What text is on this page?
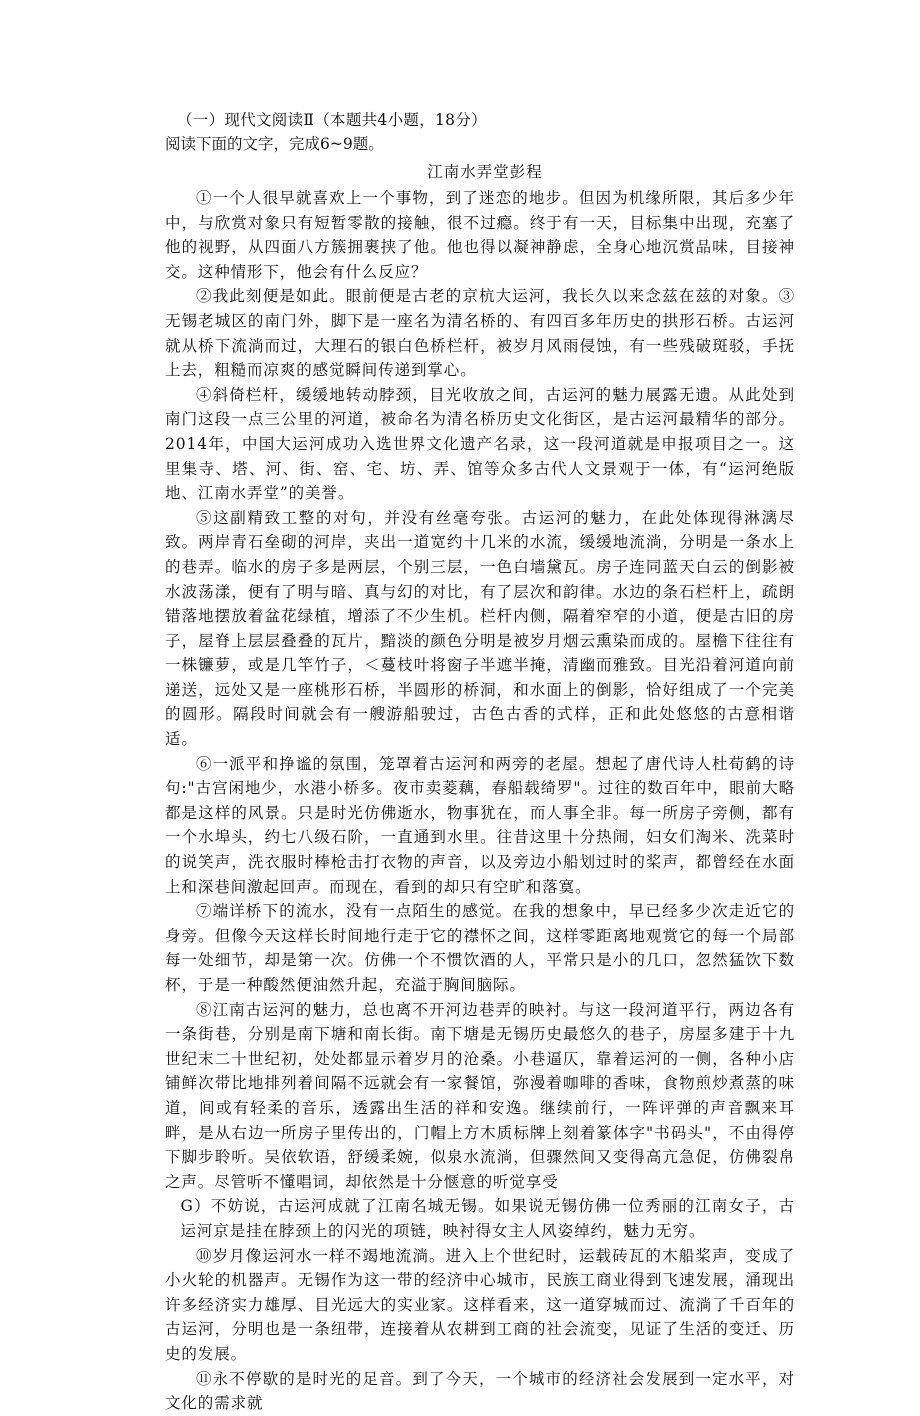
（一）现代文阅读Ⅱ（本题共4小题，18分）

阅读下面的文字，完成6~9题。

江南水弄堂彭程

①一个人很早就喜欢上一个事物，到了迷恋的地步。但因为机缘所限，其后多少年中，与欣赏对象只有短暂零散的接触，很不过瘾。终于有一天，目标集中出现，充塞了他的视野，从四面八方簇拥裹挟了他。他也得以凝神静虑，全身心地沉赏品味，目接神交。这种情形下，他会有什么反应？

②我此刻便是如此。眼前便是古老的京杭大运河，我长久以来念兹在兹的对象。③无锡老城区的南门外，脚下是一座名为清名桥的、有四百多年历史的拱形石桥。古运河就从桥下流淌而过，大理石的银白色桥栏杆，被岁月风雨侵蚀，有一些残破斑驳，手抚上去，粗糙而凉爽的感觉瞬间传递到掌心。

④斜倚栏杆，缓缓地转动脖颈，目光收放之间，古运河的魅力展露无遗。从此处到南门这段一点三公里的河道，被命名为清名桥历史文化街区，是古运河最精华的部分。2014年，中国大运河成功入选世界文化遗产名录，这一段河道就是申报项目之一。这里集寺、塔、河、街、窑、宅、坊、弄、馆等众多古代人文景观于一体，有“运河绝版地、江南水弄堂”的美誉。

⑤这副精致工整的对句，并没有丝毫夸张。古运河的魅力，在此处体现得淋漓尽致。两岸青石垒砌的河岸，夹出一道宽约十几米的水流，缓缓地流淌，分明是一条水上的巷弄。临水的房子多是两层，个别三层，一色白墙黛瓦。房子连同蓝天白云的倒影被水波荡漾，便有了明与暗、真与幻的对比，有了层次和韵律。水边的条石栏杆上，疏朗错落地摆放着盆花绿植，增添了不少生机。栏杆内侧，隔着窄窄的小道，便是古旧的房子，屋脊上层层叠叠的瓦片，黯淡的颜色分明是被岁月烟云熏染而成的。屋檐下往往有一株镰萝，或是几竿竹子，＜蔓枝叶将窗子半遮半掩，清幽而雅致。目光沿着河道向前递送，远处又是一座桃形石桥，半圆形的桥洞，和水面上的倒影，恰好组成了一个完美的圆形。隔段时间就会有一艘游船驶过，古色古香的式样，正和此处悠悠的古意相谐适。

⑥一派平和挣谧的氛围，笼罩着古运河和两旁的老屋。想起了唐代诗人杜荀鹤的诗句:"古宫闲地少，水港小桥多。夜市卖菱藕，春船载绮罗"。过往的数百年中，眼前大略都是这样的风景。只是时光仿佛逝水，物事犹在，而人事全非。每一所房子旁侧，都有一个水埠头，约七八级石阶，一直通到水里。往昔这里十分热闹，妇女们淘米、洗菜时的说笑声，洗衣服时棒枪击打衣物的声音，以及旁边小船划过时的桨声，都曾经在水面上和深巷间激起回声。而现在，看到的却只有空旷和落寞。

⑦端详桥下的流水，没有一点陌生的感觉。在我的想象中，早已经多少次走近它的身旁。但像今天这样长时间地行走于它的襟怀之间，这样零距离地观赏它的每一个局部每一处细节，却是第一次。仿佛一个不惯饮酒的人，平常只是小的几口，忽然猛饮下数杯，于是一种酸然便油然升起，充溢于胸间脑际。

⑧江南古运河的魅力，总也离不开河边巷弄的映衬。与这一段河道平行，两边各有一条街巷，分别是南下塘和南长街。南下塘是无锡历史最悠久的巷子，房屋多建于十九世纪末二十世纪初，处处都显示着岁月的沧桑。小巷逼仄，靠着运河的一侧，各种小店铺鲜次带比地排列着间隔不远就会有一家餐馆，弥漫着咖啡的香味，食物煎炒煮蒸的味道，间或有轻柔的音乐，透露出生活的祥和安逸。继续前行，一阵评弹的声音飘来耳畔，是从右边一所房子里传出的，门帽上方木质标牌上刻着篆体字"书码头"，不由得停下脚步聆听。吴依软语，舒缓柔婉，似泉水流淌，但骤然间又变得高亢急促，仿佛裂帛之声。尽管听不懂唱词，却依然是十分惬意的听觉享受

G）不妨说，古运河成就了江南名城无锡。如果说无锡仿佛一位秀丽的江南女子，古运河京是挂在脖颈上的闪光的项链，映衬得女主人风姿绰约，魅力无穷。

⑩岁月像运河水一样不竭地流淌。进入上个世纪时，运载砖瓦的木船桨声，变成了小火轮的机器声。无锡作为这一带的经济中心城市，民族工商业得到飞速发展，涌现出许多经济实力雄厚、目光远大的实业家。这样看来，这一道穿城而过、流淌了千百年的古运河，分明也是一条纽带，连接着从农耕到工商的社会流变，见证了生活的变迁、历史的发展。

⑪永不停歇的是时光的足音。到了今天，一个城市的经济社会发展到一定水平，对文化的需求就
